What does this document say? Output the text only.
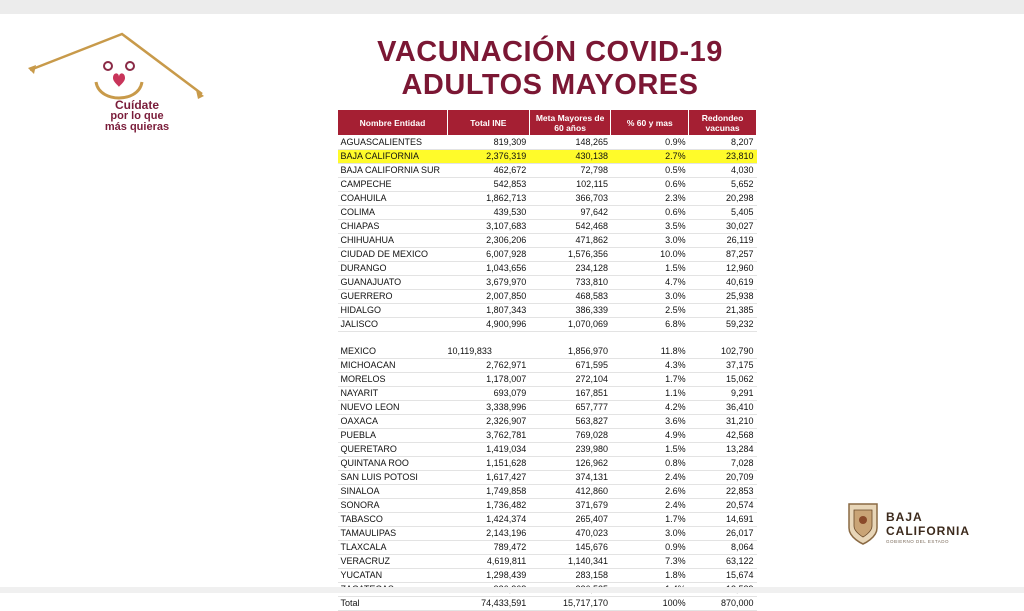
Cuídate
por lo que
más quieras
VACUNACIÓN COVID-19
ADULTOS MAYORES
Nombre Entidad	Total INE	Meta Mayores de 60 años	% 60 y mas	Redondeo vacunas
AGUASCALIENTES	819,309	148,265	0.9%	8,207
BAJA CALIFORNIA	2,376,319	430,138	2.7%	23,810
BAJA CALIFORNIA SUR	462,672	72,798	0.5%	4,030
CAMPECHE	542,853	102,115	0.6%	5,652
COAHUILA	1,862,713	366,703	2.3%	20,298
COLIMA	439,530	97,642	0.6%	5,405
CHIAPAS	3,107,683	542,468	3.5%	30,027
CHIHUAHUA	2,306,206	471,862	3.0%	26,119
CIUDAD DE MEXICO	6,007,928	1,576,356	10.0%	87,257
DURANGO	1,043,656	234,128	1.5%	12,960
GUANAJUATO	3,679,970	733,810	4.7%	40,619
GUERRERO	2,007,850	468,583	3.0%	25,938
HIDALGO	1,807,343	386,339	2.5%	21,385
JALISCO	4,900,996	1,070,069	6.8%	59,232

MEXICO	10,119,833	1,856,970	11.8%	102,790
MICHOACAN	2,762,971	671,595	4.3%	37,175
MORELOS	1,178,007	272,104	1.7%	15,062
NAYARIT	693,079	167,851	1.1%	9,291
NUEVO LEON	3,338,996	657,777	4.2%	36,410
OAXACA	2,326,907	563,827	3.6%	31,210
PUEBLA	3,762,781	769,028	4.9%	42,568
QUERETARO	1,419,034	239,980	1.5%	13,284
QUINTANA ROO	1,151,628	126,962	0.8%	7,028
SAN LUIS POTOSI	1,617,427	374,131	2.4%	20,709
SINALOA	1,749,858	412,860	2.6%	22,853
SONORA	1,736,482	371,679	2.4%	20,574
TABASCO	1,424,374	265,407	1.7%	14,691
TAMAULIPAS	2,143,196	470,023	3.0%	26,017
TLAXCALA	789,472	145,676	0.9%	8,064
VERACRUZ	4,619,811	1,140,341	7.3%	63,122
YUCATAN	1,298,439	283,158	1.8%	15,674

Total	74,433,591	15,717,170	100%	870,000
BAJA
CALIFORNIA
GOBIERNO DEL ESTADO
